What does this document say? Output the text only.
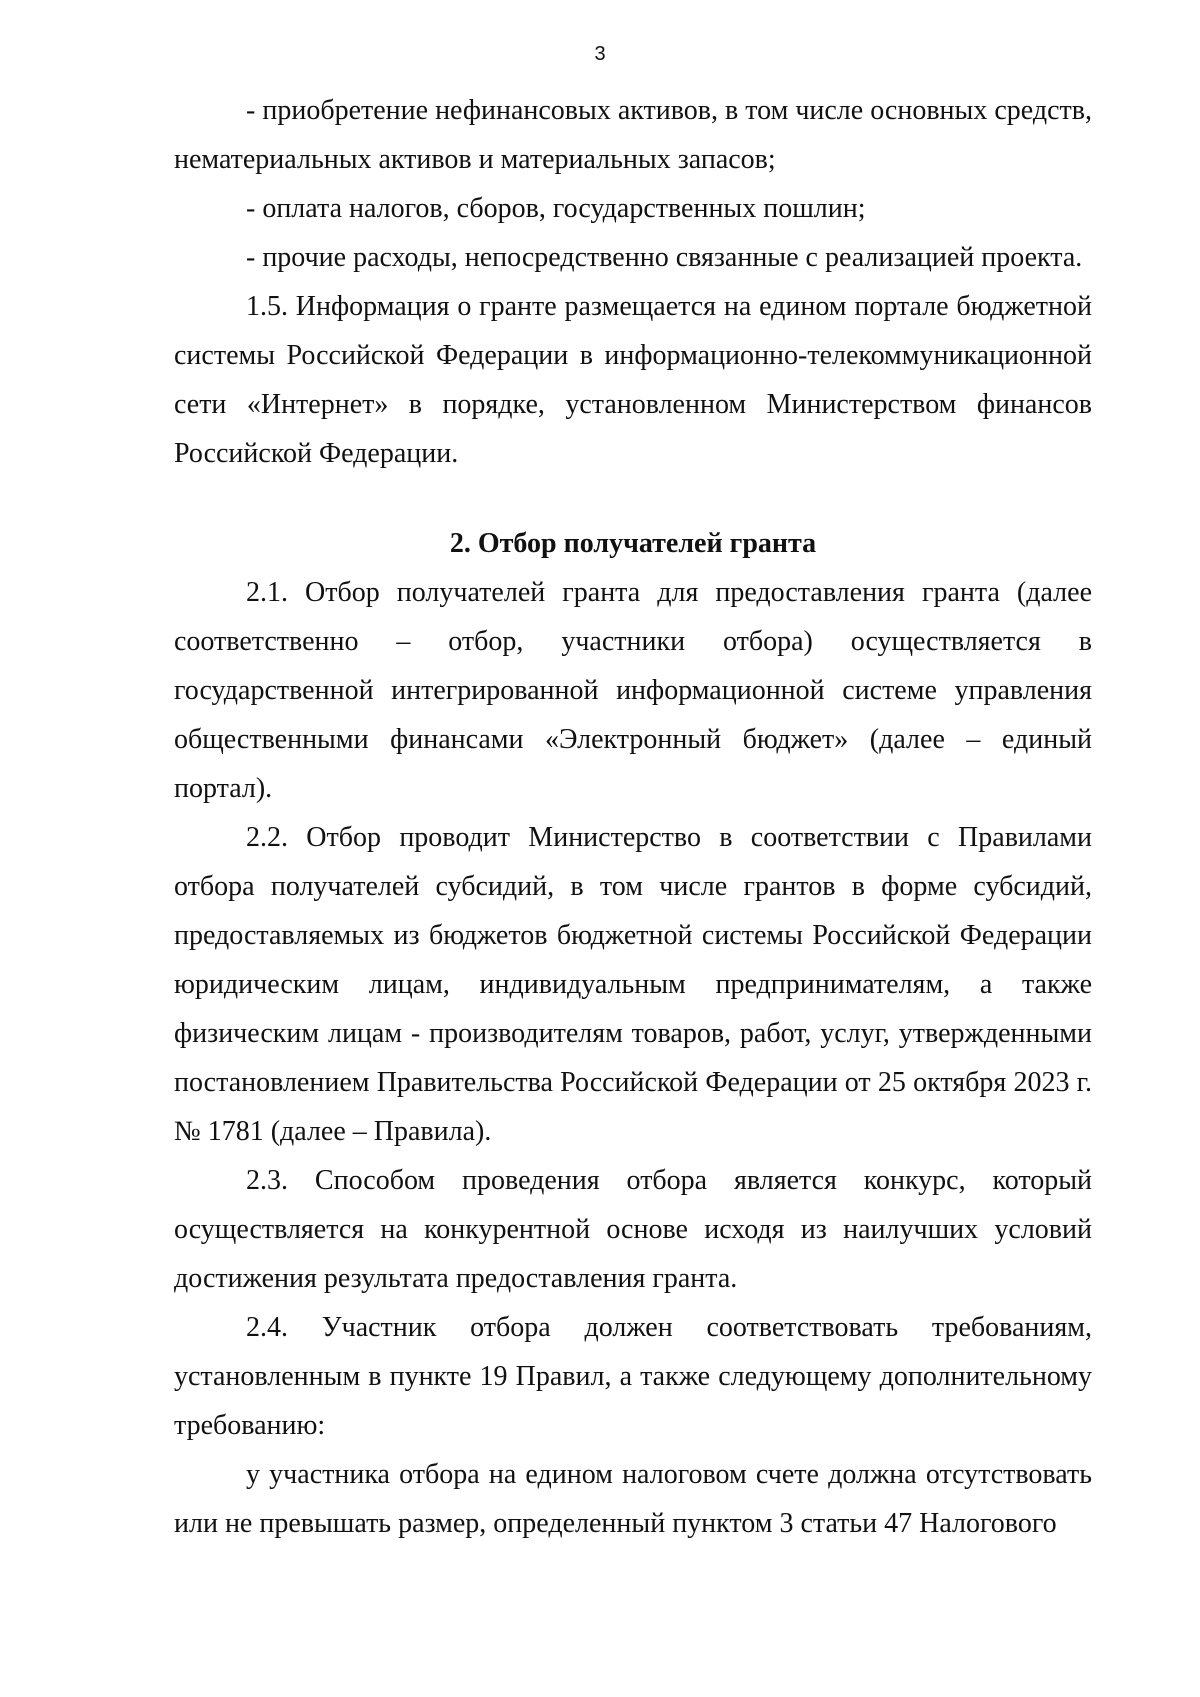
3

- приобретение нефинансовых активов, в том числе основных средств, нематериальных активов и материальных запасов;

- оплата налогов, сборов, государственных пошлин;

- прочие расходы, непосредственно связанные с реализацией проекта.

1.5. Информация о гранте размещается на едином портале бюджетной системы Российской Федерации в информационно-телекоммуникационной сети «Интернет» в порядке, установленном Министерством финансов Российской Федерации.

2. Отбор получателей гранта

2.1. Отбор получателей гранта для предоставления гранта (далее соответственно – отбор, участники отбора) осуществляется в государственной интегрированной информационной системе управления общественными финансами «Электронный бюджет» (далее – единый портал).

2.2. Отбор проводит Министерство в соответствии с Правилами отбора получателей субсидий, в том числе грантов в форме субсидий, предоставляемых из бюджетов бюджетной системы Российской Федерации юридическим лицам, индивидуальным предпринимателям, а также физическим лицам - производителям товаров, работ, услуг, утвержденными постановлением Правительства Российской Федерации от 25 октября 2023 г. № 1781 (далее – Правила).

2.3. Способом проведения отбора является конкурс, который осуществляется на конкурентной основе исходя из наилучших условий достижения результата предоставления гранта.

2.4. Участник отбора должен соответствовать требованиям, установленным в пункте 19 Правил, а также следующему дополнительному требованию:

у участника отбора на едином налоговом счете должна отсутствовать или не превышать размер, определенный пунктом 3 статьи 47 Налогового
